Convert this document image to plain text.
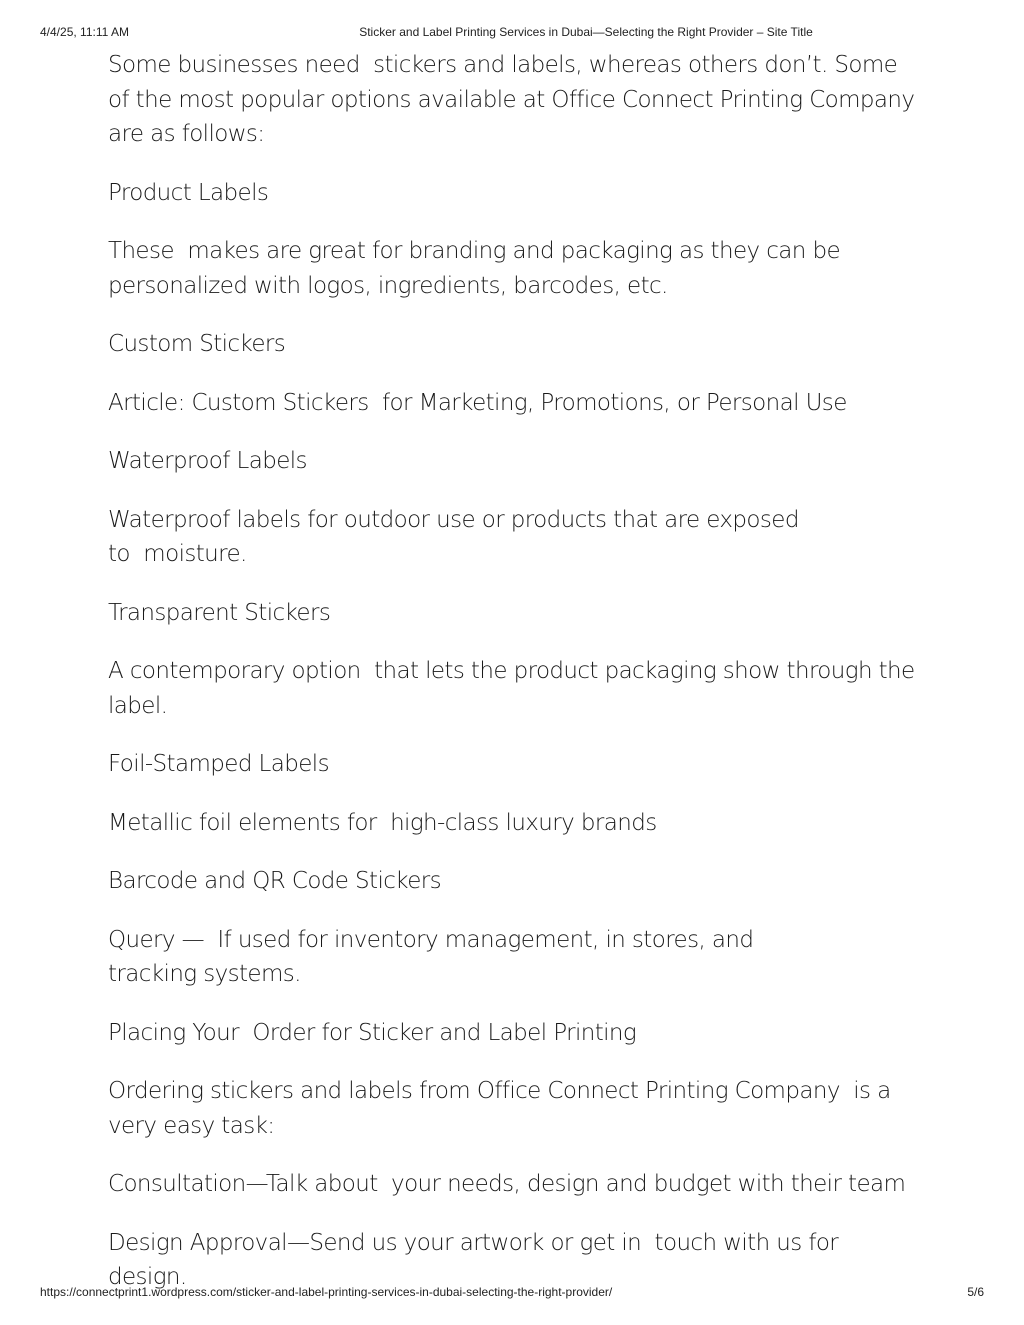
4/4/25, 11:11 AM	Sticker and Label Printing Services in Dubai—Selecting the Right Provider – Site Title

Some businesses need  stickers and labels, whereas others don’t. Some of the most popular options available at Office Connect Printing Company are as follows:

Product Labels

These  makes are great for branding and packaging as they can be personalized with logos, ingredients, barcodes, etc.

Custom Stickers

Article: Custom Stickers  for Marketing, Promotions, or Personal Use

Waterproof Labels

Waterproof labels for outdoor use or products that are exposed
to  moisture.

Transparent Stickers

A contemporary option  that lets the product packaging show through the label.

Foil-Stamped Labels

Metallic foil elements for  high-class luxury brands

Barcode and QR Code Stickers

Query —  If used for inventory management, in stores, and
tracking systems.

Placing Your  Order for Sticker and Label Printing

Ordering stickers and labels from Office Connect Printing Company  is a very easy task:

Consultation—Talk about  your needs, design and budget with their team

Design Approval—Send us your artwork or get in  touch with us for design.

https://connectprint1.wordpress.com/sticker-and-label-printing-services-in-dubai-selecting-the-right-provider/	5/6
